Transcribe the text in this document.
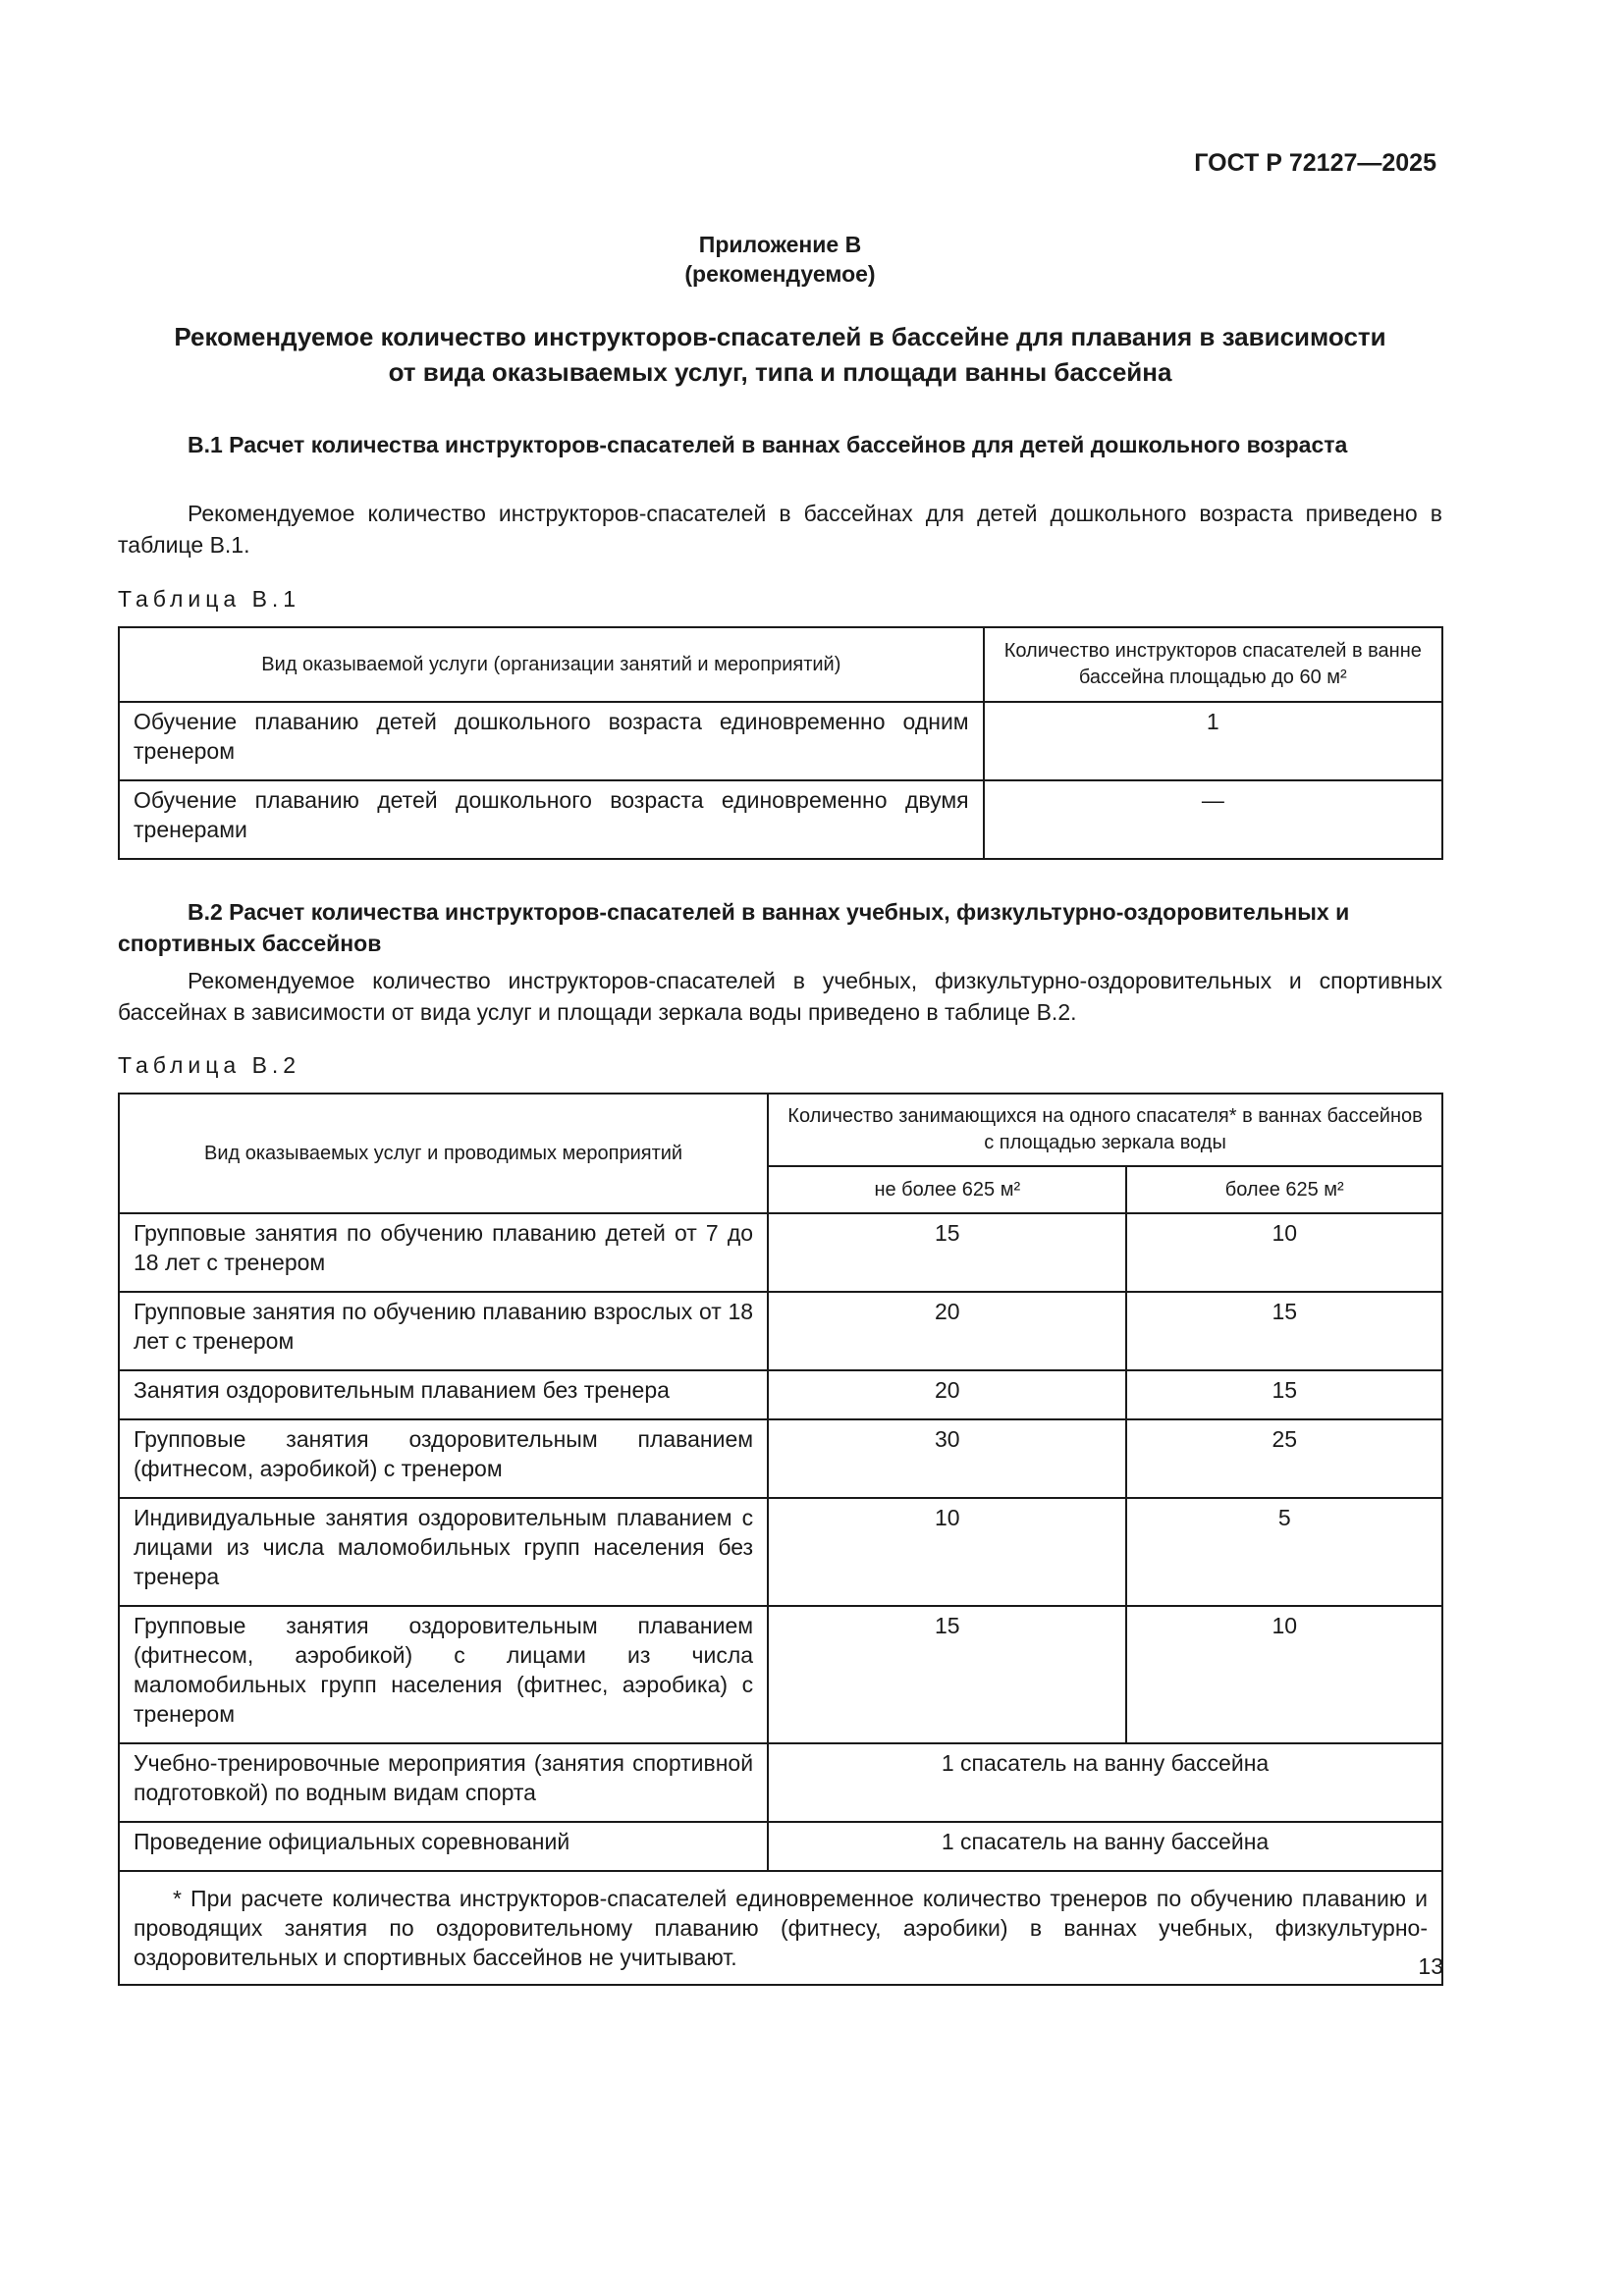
ГОСТ Р 72127—2025
Приложение В
(рекомендуемое)
Рекомендуемое количество инструкторов-спасателей в бассейне для плавания в зависимости
от вида оказываемых услуг, типа и площади ванны бассейна
В.1 Расчет количества инструкторов-спасателей в ваннах бассейнов для детей дошкольного возраста
Рекомендуемое количество инструкторов-спасателей в бассейнах для детей дошкольного возраста приведено в таблице В.1.
Таблица В.1
Вид оказываемой услуги (организации занятий и мероприятий)	Количество инструкторов спасателей в ванне бассейна площадью до 60 м²
Обучение плаванию детей дошкольного возраста единовременно одним тренером	1
Обучение плаванию детей дошкольного возраста единовременно двумя тренерами	—
В.2 Расчет количества инструкторов-спасателей в ваннах учебных, физкультурно-оздоровительных и спортивных бассейнов
Рекомендуемое количество инструкторов-спасателей в учебных, физкультурно-оздоровительных и спортивных бассейнах в зависимости от вида услуг и площади зеркала воды приведено в таблице В.2.
Таблица В.2
Вид оказываемых услуг и проводимых мероприятий	Количество занимающихся на одного спасателя* в ваннах бассейнов с площадью зеркала воды	
	не более 625 м²	более 625 м²
Групповые занятия по обучению плаванию детей от 7 до 18 лет с тренером	15	10
Групповые занятия по обучению плаванию взрослых от 18 лет с тренером	20	15
Занятия оздоровительным плаванием без тренера	20	15
Групповые занятия оздоровительным плаванием (фитнесом, аэробикой) с тренером	30	25
Индивидуальные занятия оздоровительным плаванием с лицами из числа маломобильных групп населения без тренера	10	5
Групповые занятия оздоровительным плаванием (фитнесом, аэробикой) с лицами из числа маломобильных групп населения (фитнес, аэробика) с тренером	15	10
Учебно-тренировочные мероприятия (занятия спортивной подготовкой) по водным видам спорта	1 спасатель на ванну бассейна	
Проведение официальных соревнований	1 спасатель на ванну бассейна	
* При расчете количества инструкторов-спасателей единовременное количество тренеров по обучению плаванию и проводящих занятия по оздоровительному плаванию (фитнесу, аэробики) в ваннах учебных, физкультурно-оздоровительных и спортивных бассейнов не учитывают.			13
